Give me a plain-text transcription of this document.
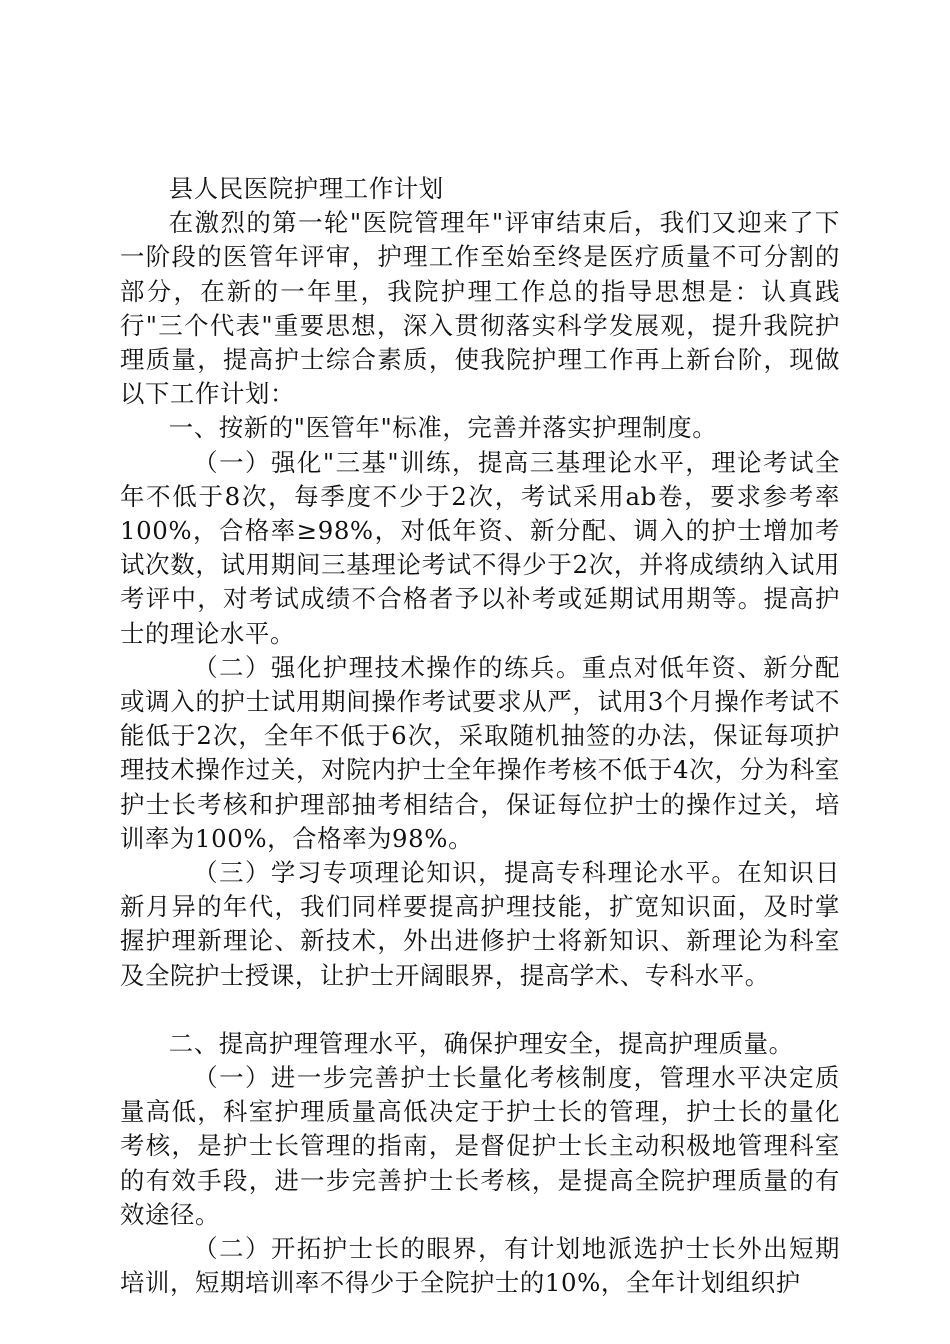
县人民医院护理工作计划

在激烈的第一轮"医院管理年"评审结束后，我们又迎来了下一阶段的医管年评审，护理工作至始至终是医疗质量不可分割的部分，在新的一年里，我院护理工作总的指导思想是：认真践行"三个代表"重要思想，深入贯彻落实科学发展观，提升我院护理质量，提高护士综合素质，使我院护理工作再上新台阶，现做以下工作计划：

一、按新的"医管年"标准，完善并落实护理制度。

（一）强化"三基"训练，提高三基理论水平，理论考试全年不低于8次，每季度不少于2次，考试采用ab卷，要求参考率100%，合格率≥98%，对低年资、新分配、调入的护士增加考试次数，试用期间三基理论考试不得少于2次，并将成绩纳入试用考评中，对考试成绩不合格者予以补考或延期试用期等。提高护士的理论水平。

（二）强化护理技术操作的练兵。重点对低年资、新分配或调入的护士试用期间操作考试要求从严，试用3个月操作考试不能低于2次，全年不低于6次，采取随机抽签的办法，保证每项护理技术操作过关，对院内护士全年操作考核不低于4次，分为科室护士长考核和护理部抽考相结合，保证每位护士的操作过关，培训率为100%，合格率为98%。

（三）学习专项理论知识，提高专科理论水平。在知识日新月异的年代，我们同样要提高护理技能，扩宽知识面，及时掌握护理新理论、新技术，外出进修护士将新知识、新理论为科室及全院护士授课，让护士开阔眼界，提高学术、专科水平。

二、提高护理管理水平，确保护理安全，提高护理质量。

（一）进一步完善护士长量化考核制度，管理水平决定质量高低，科室护理质量高低决定于护士长的管理，护士长的量化考核，是护士长管理的指南，是督促护士长主动积极地管理科室的有效手段，进一步完善护士长考核，是提高全院护理质量的有效途径。

（二）开拓护士长的眼界，有计划地派选护士长外出短期培训，短期培训率不得少于全院护士的10%，全年计划组织护
